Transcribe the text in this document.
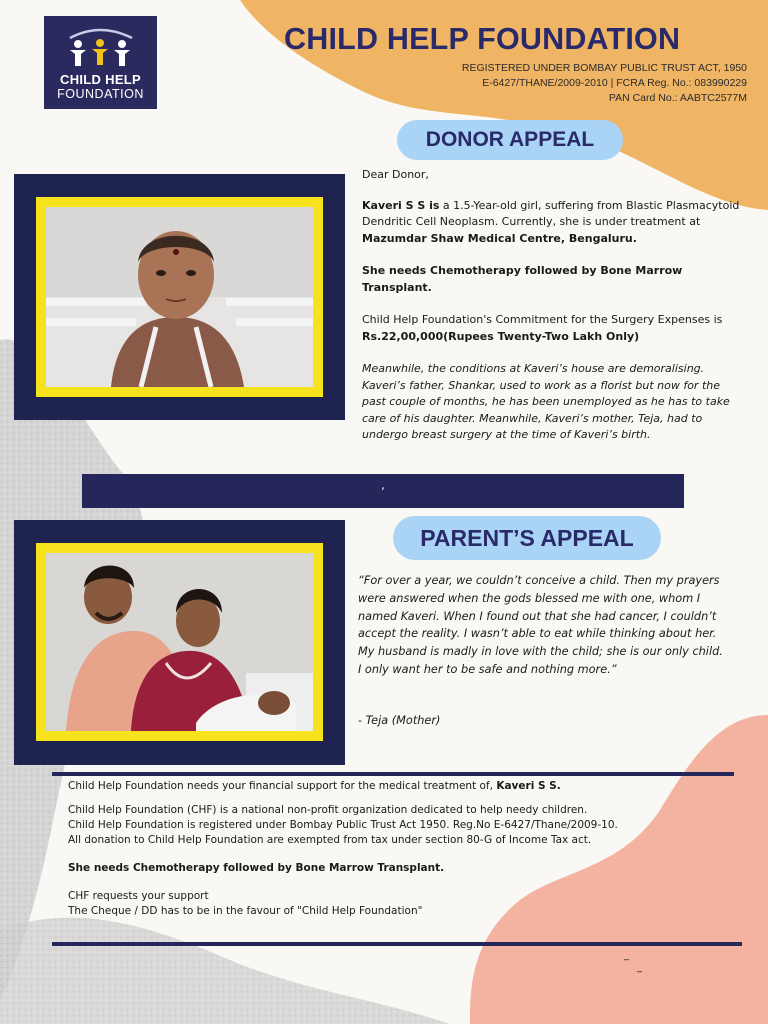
CHILD HELP
FOUNDATION
CHILD HELP FOUNDATION
REGISTERED UNDER BOMBAY PUBLIC TRUST ACT, 1950
E-6427/THANE/2009-2010 | FCRA Reg. No.: 083990229
PAN Card No.: AABTC2577M
DONOR APPEAL

Dear Donor,

Kaveri S S is a 1.5-Year-old girl, suffering from Blastic Plasmacytoid Dendritic Cell Neoplasm. Currently, she is under treatment at Mazumdar Shaw Medical Centre, Bengaluru.

She needs Chemotherapy followed by Bone Marrow Transplant.

Child Help Foundation's Commitment for the Surgery Expenses is Rs.22,00,000(Rupees Twenty-Two Lakh Only)

Meanwhile, the conditions at Kaveri’s house are demoralising. Kaveri’s father, Shankar, used to work as a florist but now for the past couple of months, he has been unemployed as he has to take care of his daughter. Meanwhile, Kaveri’s mother, Teja, had to undergo breast surgery at the time of Kaveri’s birth.

,
PARENT’S APPEAL
“For over a year, we couldn’t conceive a child. Then my prayers were answered when the gods blessed me with one, whom I named Kaveri. When I found out that she had cancer, I couldn’t accept the reality. I wasn’t able to eat while thinking about her. My husband is madly in love with the child; she is our only child. I only want her to be safe and nothing more.”
- Teja (Mother)

Child Help Foundation needs your financial support for the medical treatment of, Kaveri S S.

Child Help Foundation (CHF) is a national non-profit organization dedicated to help needy children.

Child Help Foundation is registered under Bombay Public Trust Act 1950. Reg.No E-6427/Thane/2009-10.

All donation to Child Help Foundation are exempted from tax under section 80-G of Income Tax act.

She needs Chemotherapy followed by Bone Marrow Transplant.

CHF requests your support

The Cheque / DD has to be in the favour of "Child Help Foundation"

_
_
